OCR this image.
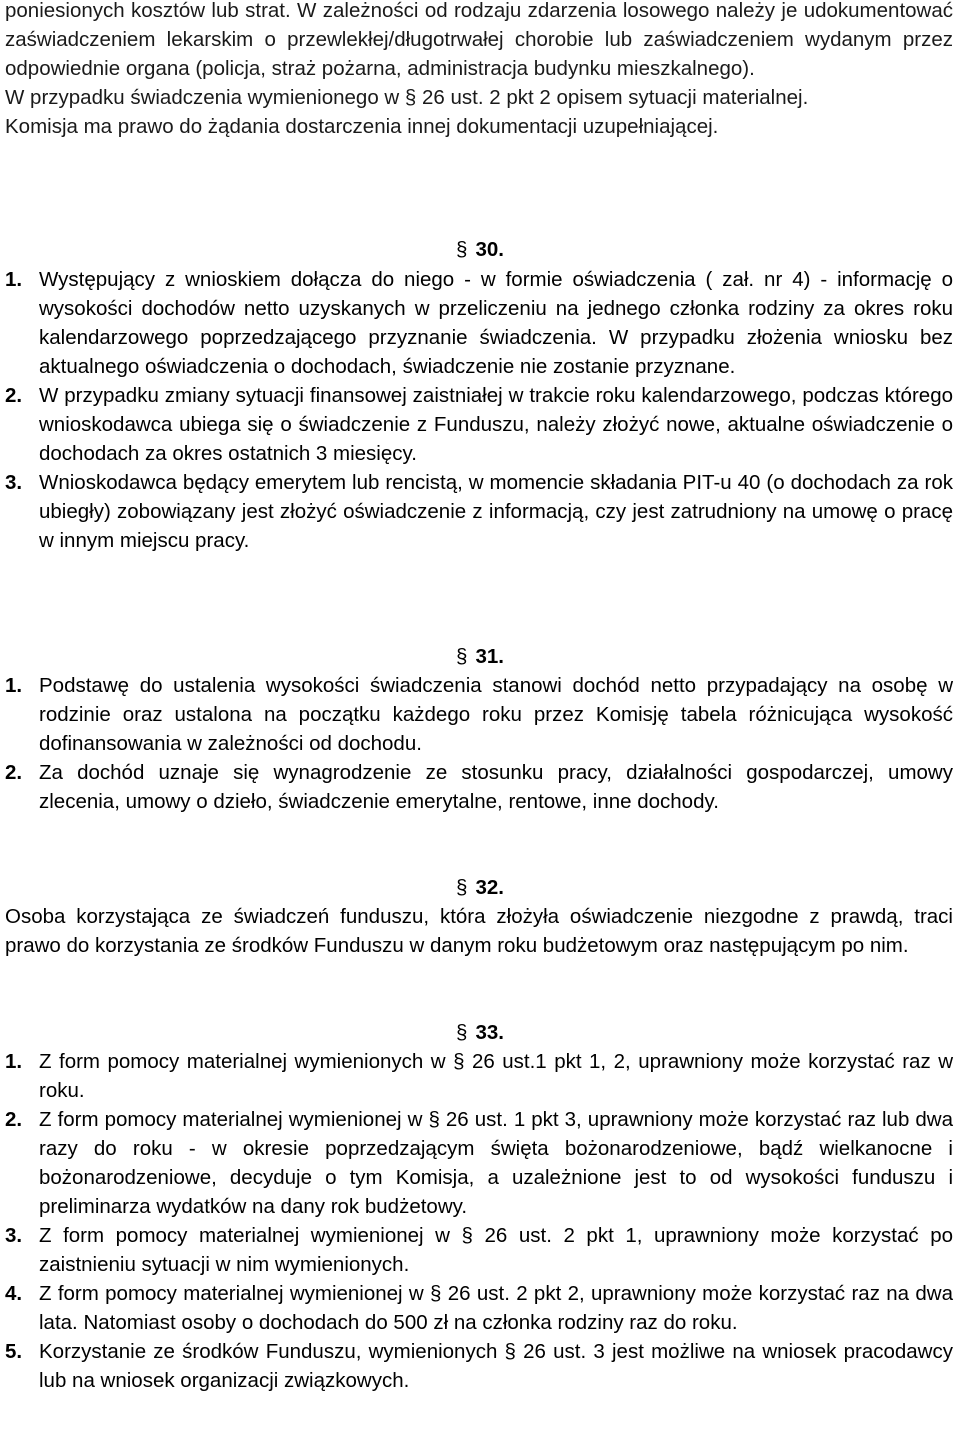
poniesionych kosztów lub strat. W zależności od rodzaju zdarzenia losowego należy je udokumentować zaświadczeniem lekarskim o przewlekłej/długotrwałej chorobie lub zaświadczeniem wydanym przez odpowiednie organa (policja, straż pożarna, administracja budynku mieszkalnego).
W przypadku świadczenia wymienionego w § 26 ust. 2 pkt 2 opisem sytuacji materialnej.
Komisja ma prawo do żądania dostarczenia innej dokumentacji uzupełniającej.
§ 30.
1. Występujący z wnioskiem dołącza do niego - w formie oświadczenia ( zał. nr 4) - informację o wysokości dochodów netto uzyskanych w przeliczeniu na jednego członka rodziny za okres roku kalendarzowego poprzedzającego przyznanie świadczenia. W przypadku złożenia wniosku bez aktualnego oświadczenia o dochodach, świadczenie nie zostanie przyznane.
2. W przypadku zmiany sytuacji finansowej zaistniałej w trakcie roku kalendarzowego, podczas którego wnioskodawca ubiega się o świadczenie z Funduszu, należy złożyć nowe, aktualne oświadczenie o dochodach za okres ostatnich 3 miesięcy.
3. Wnioskodawca będący emerytem lub rencistą, w momencie składania PIT-u 40 (o dochodach za rok ubiegły) zobowiązany jest złożyć oświadczenie z informacją, czy jest zatrudniony na umowę o pracę w innym miejscu pracy.
§ 31.
1. Podstawę do ustalenia wysokości świadczenia stanowi dochód netto przypadający na osobę w rodzinie oraz ustalona na początku każdego roku przez Komisję tabela różnicująca wysokość dofinansowania w zależności od dochodu.
2. Za dochód uznaje się wynagrodzenie ze stosunku pracy, działalności gospodarczej, umowy zlecenia, umowy o dzieło, świadczenie emerytalne, rentowe, inne dochody.
§ 32.
Osoba korzystająca ze świadczeń funduszu, która złożyła oświadczenie niezgodne z prawdą, traci prawo do korzystania ze środków Funduszu w danym roku budżetowym oraz następującym po nim.
§ 33.
1. Z form pomocy materialnej wymienionych w § 26 ust.1 pkt 1, 2, uprawniony może korzystać raz w roku.
2. Z form pomocy materialnej wymienionej w § 26 ust. 1 pkt 3, uprawniony może korzystać raz lub dwa razy do roku - w okresie poprzedzającym święta bożonarodzeniowe, bądź wielkanocne i bożonarodzeniowe, decyduje o tym Komisja, a uzależnione jest to od wysokości funduszu i preliminarza wydatków na dany rok budżetowy.
3. Z form pomocy materialnej wymienionej w § 26 ust. 2 pkt 1, uprawniony może korzystać po zaistnieniu sytuacji w nim wymienionych.
4. Z form pomocy materialnej wymienionej w § 26 ust. 2 pkt 2, uprawniony może korzystać raz na dwa lata. Natomiast osoby o dochodach do 500 zł na członka rodziny raz do roku.
5. Korzystanie ze środków Funduszu, wymienionych § 26 ust. 3 jest możliwe na wniosek pracodawcy lub na wniosek organizacji związkowych.
